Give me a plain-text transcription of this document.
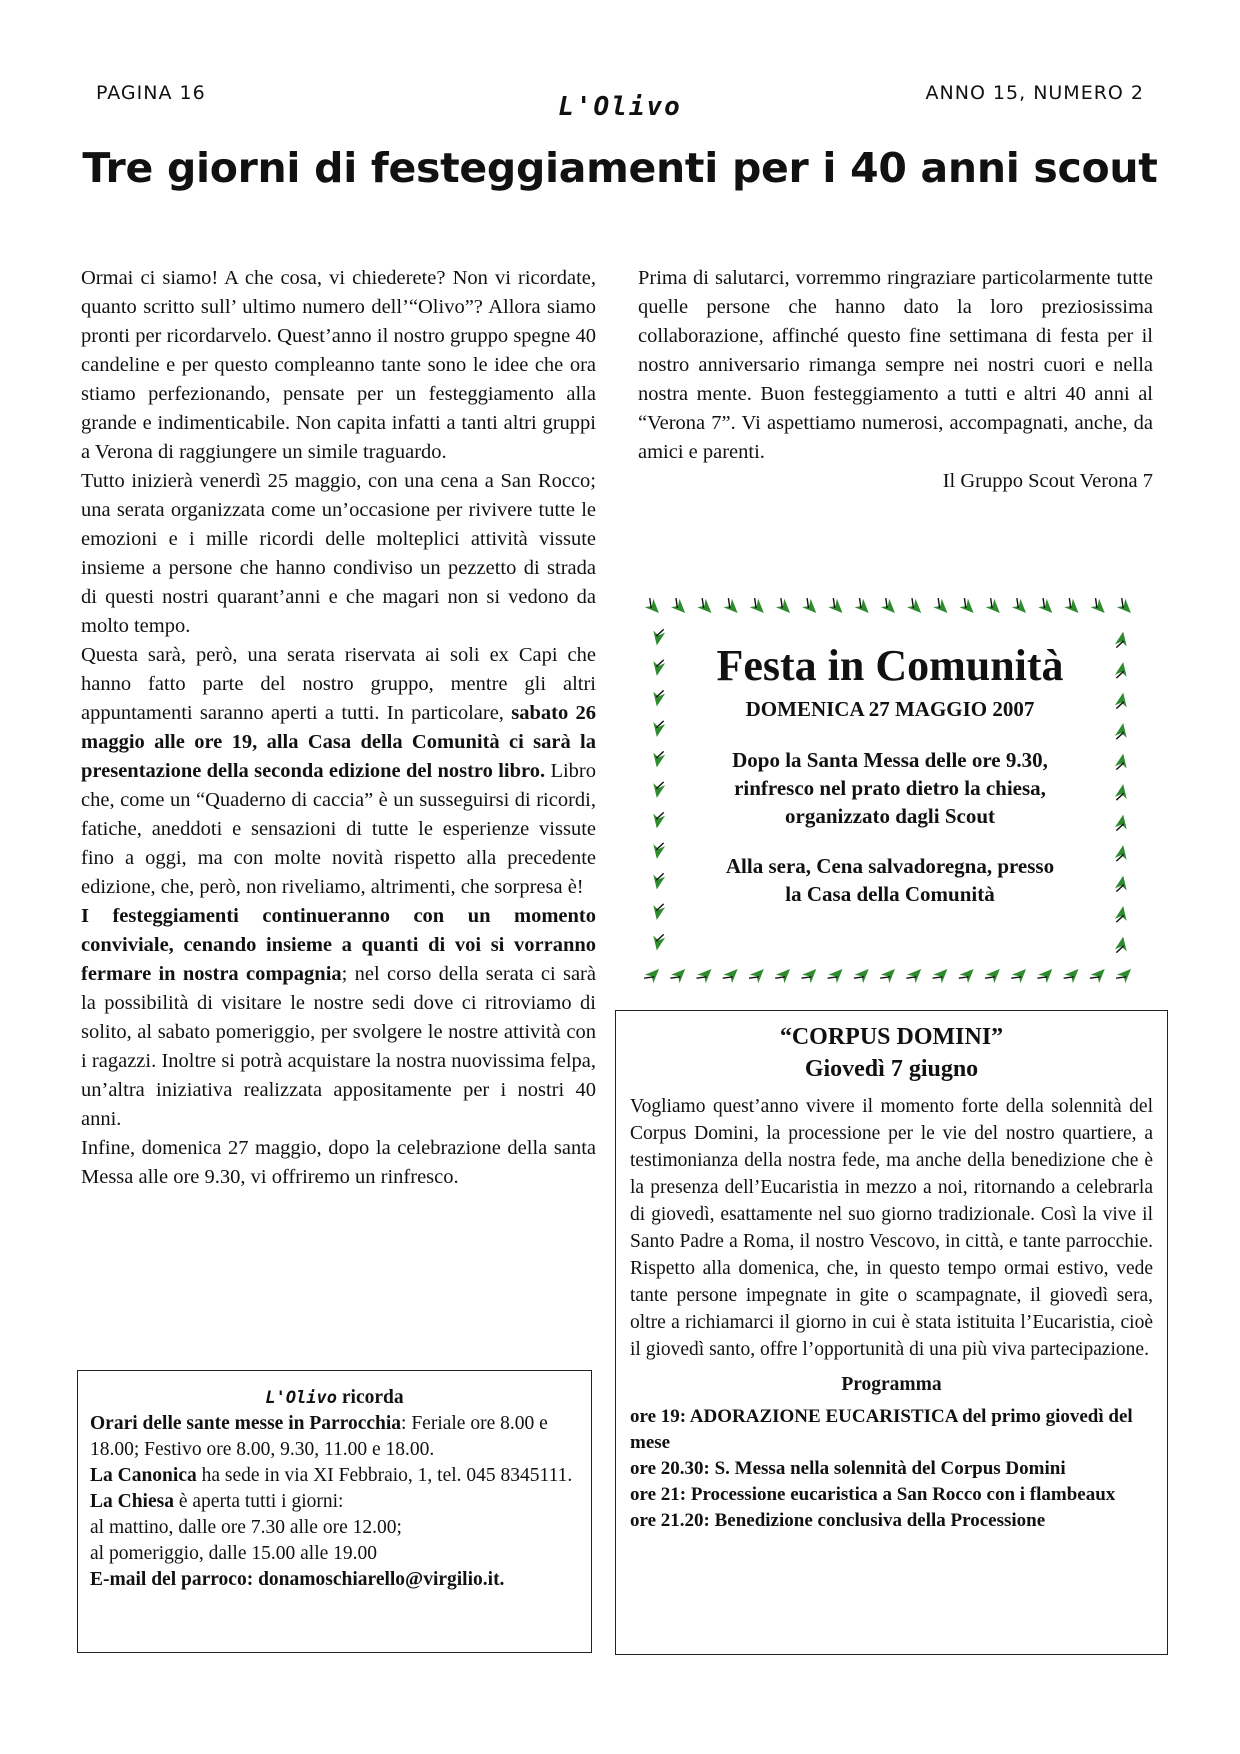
PAGINA 16	ANNO 15, NUMERO 2
L'Olivo
Tre giorni di festeggiamenti per i 40 anni scout

Ormai ci siamo! A che cosa, vi chiederete? Non vi ricordate, quanto scritto sull’ ultimo numero dell’“Olivo”? Allora siamo pronti per ricordarvelo. Quest’anno il nostro gruppo spegne 40 candeline e per questo compleanno tante sono le idee che ora stiamo perfezionando, pensate per un festeggiamento alla grande e indimenticabile. Non capita infatti a tanti altri gruppi a Verona di raggiungere un simile traguardo.

Tutto inizierà venerdì 25 maggio, con una cena a San Rocco; una serata organizzata come un’occasione per rivivere tutte le emozioni e i mille ricordi delle molteplici attività vissute insieme a persone che hanno condiviso un pezzetto di strada di questi nostri quarant’anni e che magari non si vedono da molto tempo.

Questa sarà, però, una serata riservata ai soli ex Capi che hanno fatto parte del nostro gruppo, mentre gli altri appuntamenti saranno aperti a tutti. In particolare, sabato 26 maggio alle ore 19, alla Casa della Comunità ci sarà la presentazione della seconda edizione del nostro libro. Libro che, come un “Quaderno di caccia” è un susseguirsi di ricordi, fatiche, aneddoti e sensazioni di tutte le esperienze vissute fino a oggi, ma con molte novità rispetto alla precedente edizione, che, però, non riveliamo, altrimenti, che sorpresa è!

I festeggiamenti continueranno con un momento conviviale, cenando insieme a quanti di voi si vorranno fermare in nostra compagnia; nel corso della serata ci sarà la possibilità di visitare le nostre sedi dove ci ritroviamo di solito, al sabato pomeriggio, per svolgere le nostre attività con i ragazzi. Inoltre si potrà acquistare la nostra nuovissima felpa, un’altra iniziativa realizzata appositamente per i nostri 40 anni.

Infine, domenica 27 maggio, dopo la celebrazione della santa Messa alle ore 9.30, vi offriremo un rinfresco.

Prima di salutarci, vorremmo ringraziare particolarmente tutte quelle persone che hanno dato la loro preziosissima collaborazione, affinché questo fine settimana di festa per il nostro anniversario rimanga sempre nei nostri cuori e nella nostra mente. Buon festeggiamento a tutti e altri 40 anni al “Verona 7”. Vi aspettiamo numerosi, accompagnati, anche, da amici e parenti.

Il Gruppo Scout Verona 7

Festa in Comunità
DOMENICA 27 MAGGIO 2007
Dopo la Santa Messa delle ore 9.30,
rinfresco nel prato dietro la chiesa,
organizzato dagli Scout
Alla sera, Cena salvadoregna, presso
la Casa della Comunità
“CORPUS DOMINI”
Giovedì 7 giugno

Vogliamo quest’anno vivere il momento forte della solennità del Corpus Domini, la processione per le vie del nostro quartiere, a testimonianza della nostra fede, ma anche della benedizione che è la presenza dell’Eucaristia in mezzo a noi, ritornando a celebrarla di giovedì, esattamente nel suo giorno tradizionale. Così la vive il Santo Padre a Roma, il nostro Vescovo, in città, e tante parrocchie. Rispetto alla domenica, che, in questo tempo ormai estivo, vede tante persone impegnate in gite o scampagnate, il giovedì sera, oltre a richiamarci il giorno in cui è stata istituita l’Eucaristia, cioè il giovedì santo, offre l’opportunità di una più viva partecipazione.

Programma
ore 19: ADORAZIONE EUCARISTICA del primo giovedì del mese
ore 20.30: S. Messa nella solennità del Corpus Domini
ore 21: Processione eucaristica a San Rocco con i flambeaux
ore 21.20: Benedizione conclusiva della Processione
L'Olivo ricorda
Orari delle sante messe in Parrocchia: Feriale ore 8.00 e 18.00; Festivo ore 8.00, 9.30, 11.00 e 18.00.
La Canonica ha sede in via XI Febbraio, 1, tel. 045 8345111.
La Chiesa è aperta tutti i giorni:
al mattino, dalle ore 7.30 alle ore 12.00;
al pomeriggio, dalle 15.00 alle 19.00
E-mail del parroco: donamoschiarello@virgilio.it.
